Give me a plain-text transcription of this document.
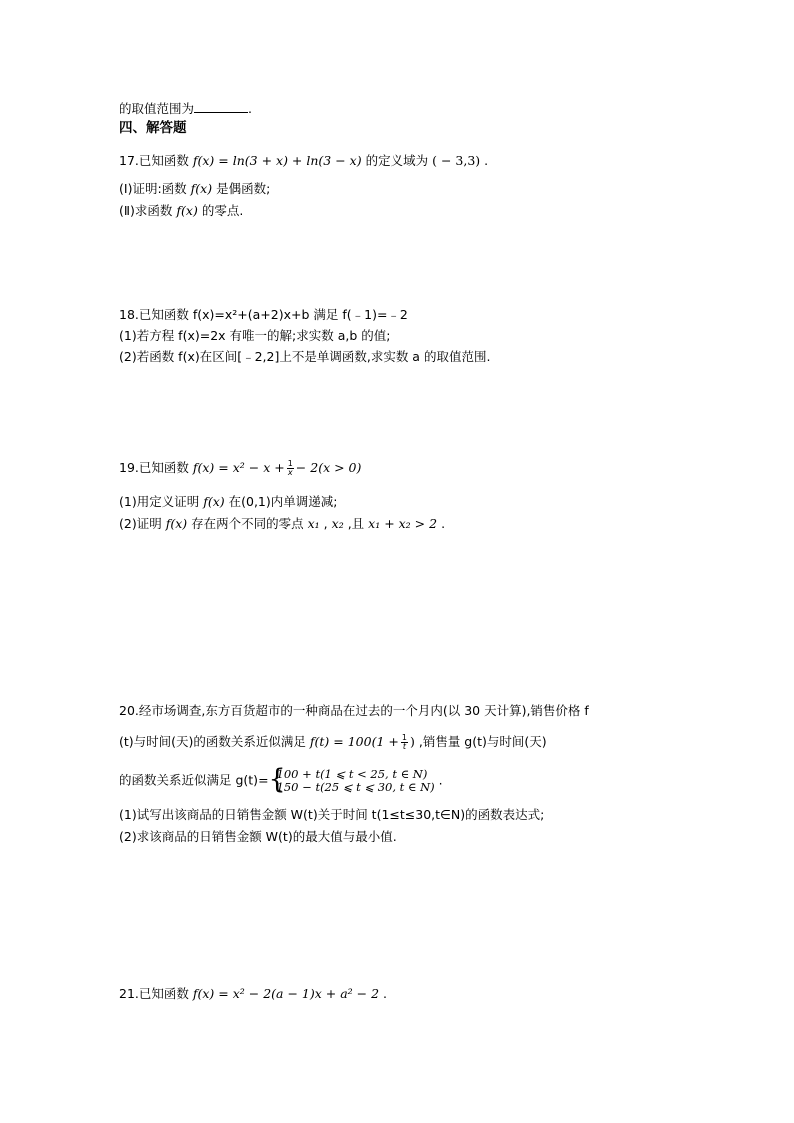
的取值范围为	.
四、解答题
17.已知函数 f(x) = ln(3 + x) + ln(3 − x) 的定义域为 ( − 3,3) .
(Ⅰ)证明:函数 f(x) 是偶函数;
(Ⅱ)求函数 f(x) 的零点.
18.已知函数 f(x)=x²+(a+2)x+b 满足 f(﹣1)=﹣2
(1)若方程 f(x)=2x 有唯一的解;求实数 a,b 的值;
(2)若函数 f(x)在区间[﹣2,2]上不是单调函数,求实数 a 的取值范围.
19.已知函数 $f(x) = x^2 - x + \frac{1}{x} - 2(x > 0)$
(1)用定义证明 f(x) 在(0,1)内单调递减;
(2)证明 f(x) 存在两个不同的零点 x₁ , x₂ ,且 x₁ + x₂ > 2 .
20.经市场调查,东方百货超市的一种商品在过去的一个月内(以 30 天计算),销售价格 f
(t)与时间(天)的函数关系近似满足 $f(t) = 100(1 + \frac{1}{t}$ ) ,销售量 g(t)与时间(天)
的函数关系近似满足 g(t)= {
100 + t(1 ⩽ t < 25, t ∈ N)
150 − t(25 ⩽ t ⩽ 30, t ∈ N) .
(1)试写出该商品的日销售金额 W(t)关于时间 t(1≤t≤30,t∈N)的函数表达式;
(2)求该商品的日销售金额 W(t)的最大值与最小值.
21.已知函数 f(x) = x² − 2(a − 1)x + a² − 2 .
